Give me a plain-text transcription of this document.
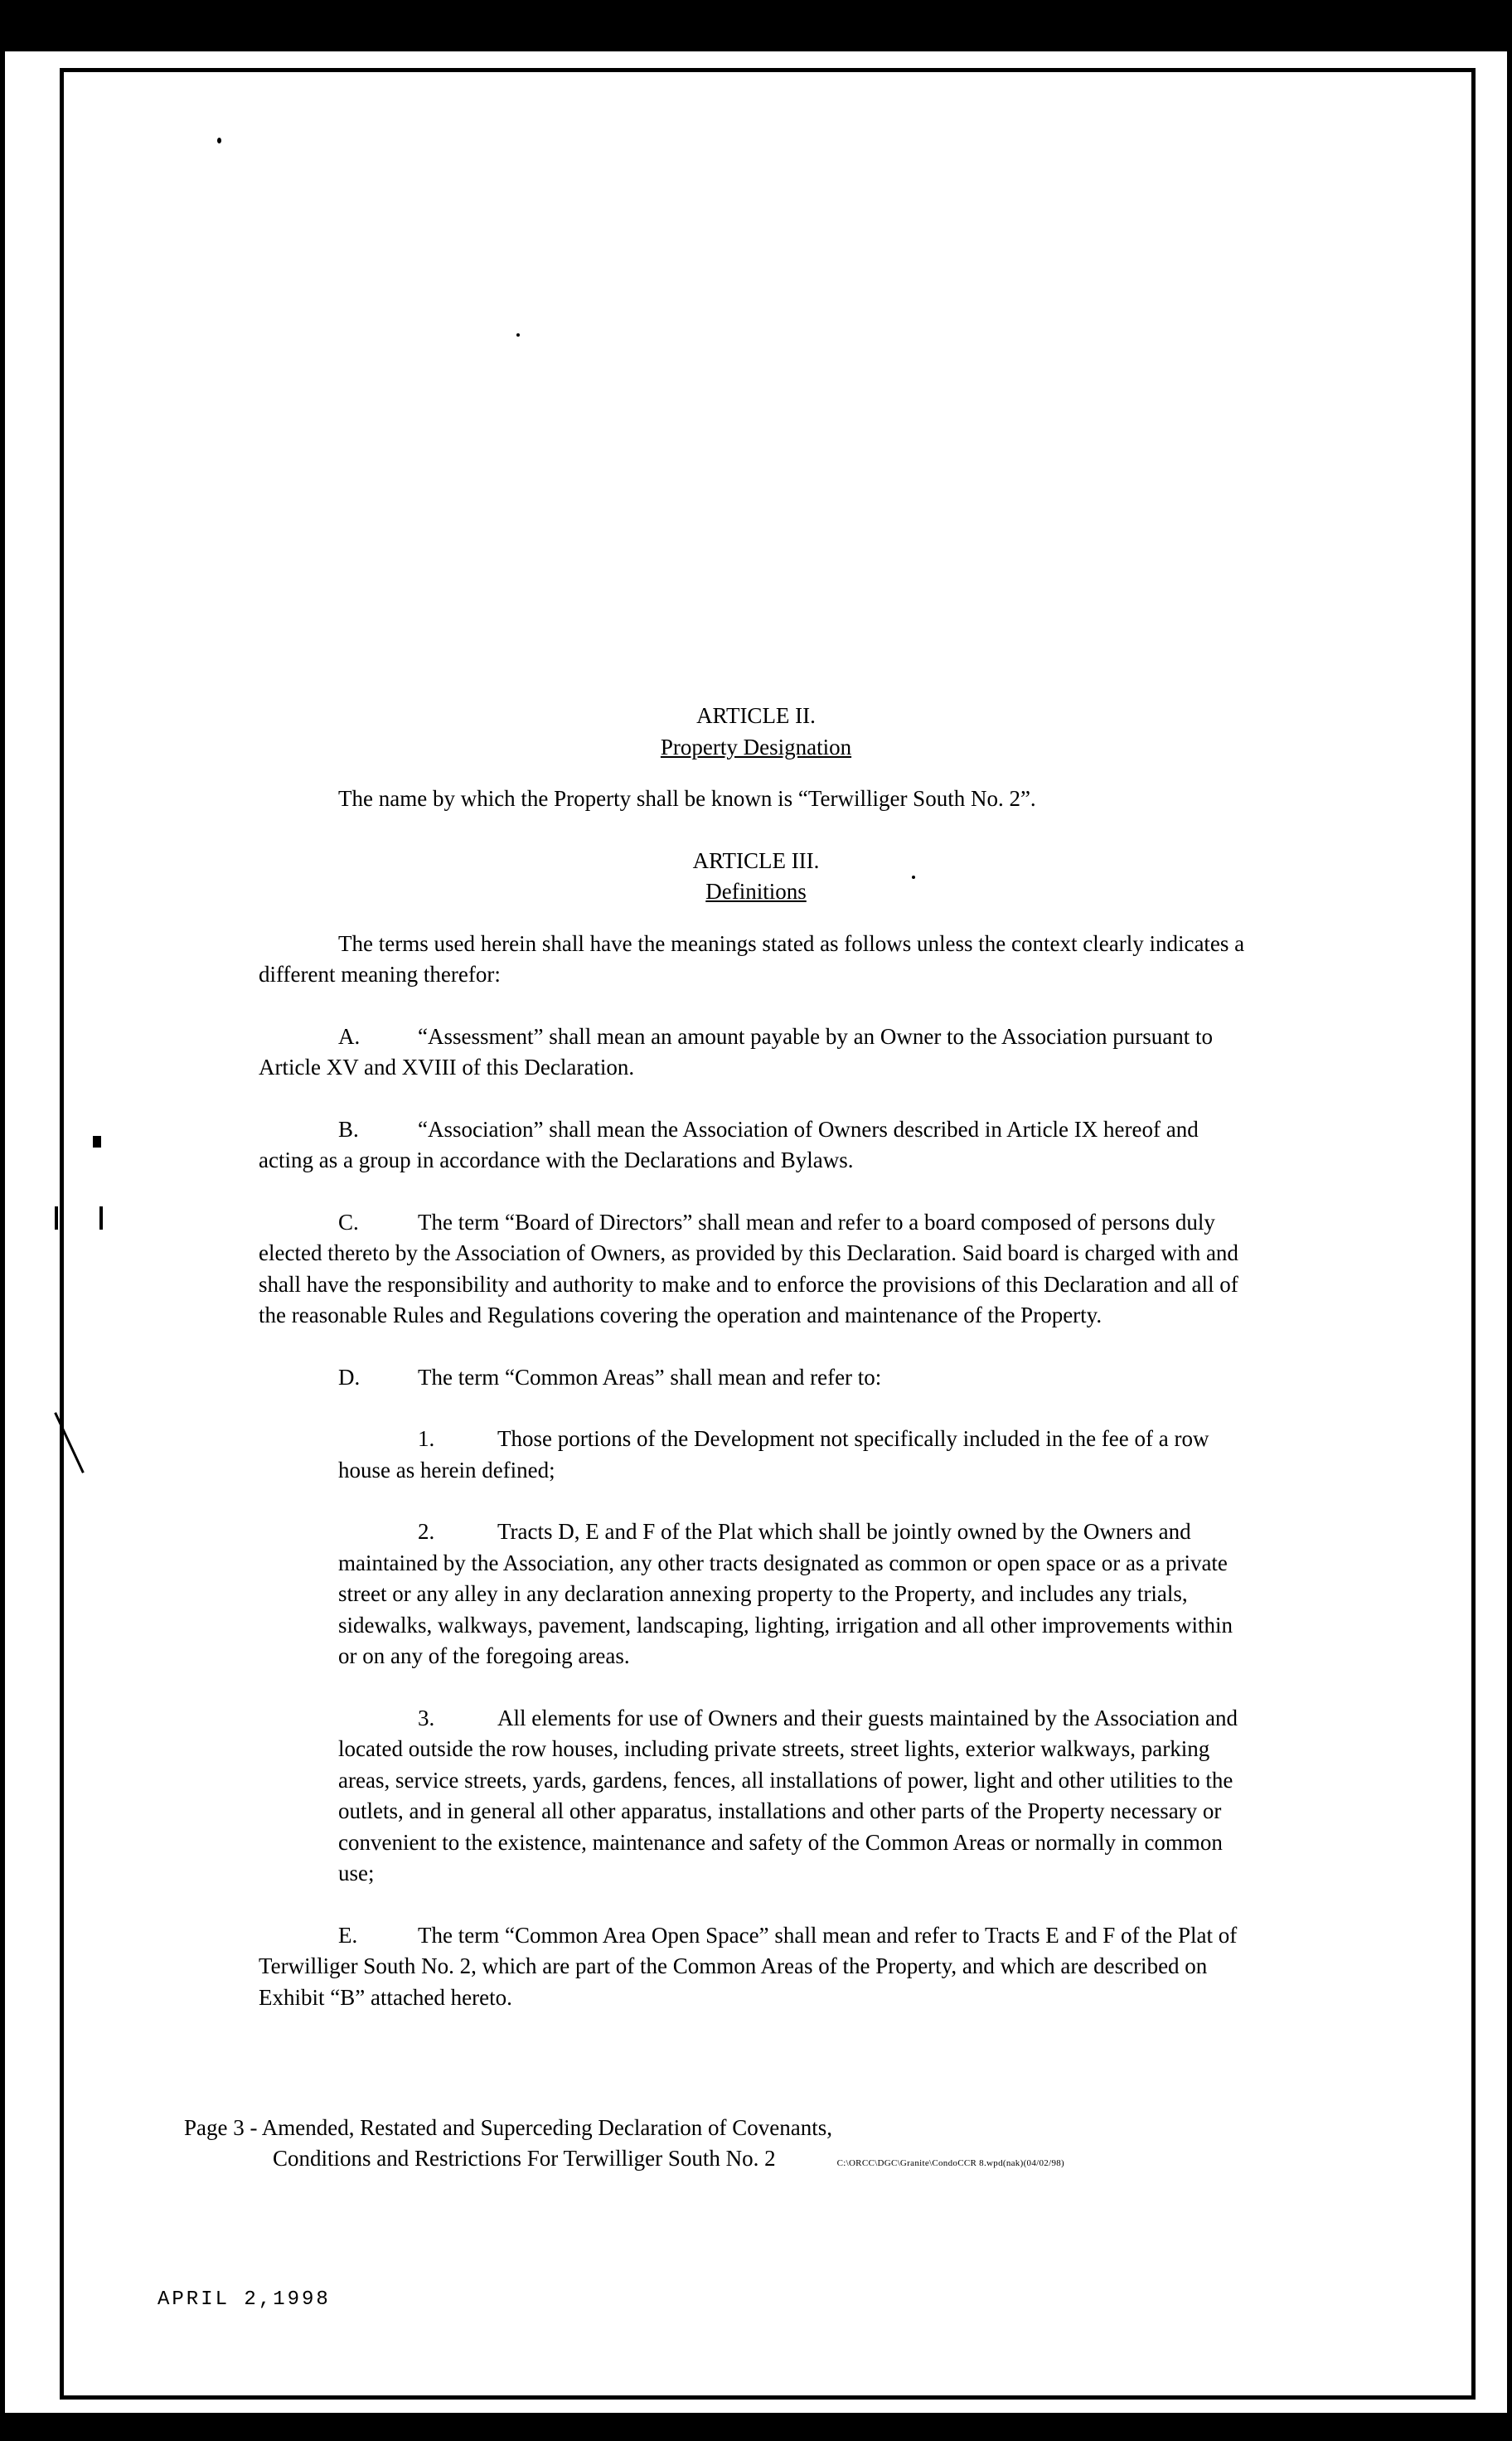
ARTICLE II.
Property Designation

The name by which the Property shall be known is “Terwilliger South No. 2”.

ARTICLE III.
Definitions

The terms used herein shall have the meanings stated as follows unless the context clearly indicates a different meaning therefor:

A.	“Assessment” shall mean an amount payable by an Owner to the Association pursuant to Article XV and XVIII of this Declaration.

B.	“Association” shall mean the Association of Owners described in Article IX hereof and acting as a group in accordance with the Declarations and Bylaws.

C.	The term “Board of Directors” shall mean and refer to a board composed of persons duly elected thereto by the Association of Owners, as provided by this Declaration. Said board is charged with and shall have the responsibility and authority to make and to enforce the provisions of this Declaration and all of the reasonable Rules and Regulations covering the operation and maintenance of the Property.

D.	The term “Common Areas” shall mean and refer to:

1.	Those portions of the Development not specifically included in the fee of a row house as herein defined;

2.	Tracts D, E and F of the Plat which shall be jointly owned by the Owners and maintained by the Association, any other tracts designated as common or open space or as a private street or any alley in any declaration annexing property to the Property, and includes any trials, sidewalks, walkways, pavement, landscaping, lighting, irrigation and all other improvements within or on any of the foregoing areas.

3.	All elements for use of Owners and their guests maintained by the Association and located outside the row houses, including private streets, street lights, exterior walkways, parking areas, service streets, yards, gardens, fences, all installations of power, light and other utilities to the outlets, and in general all other apparatus, installations and other parts of the Property necessary or convenient to the existence, maintenance and safety of the Common Areas or normally in common use;

E.	The term “Common Area Open Space” shall mean and refer to Tracts E and F of the Plat of Terwilliger South No. 2, which are part of the Common Areas of the Property, and which are described on Exhibit “B” attached hereto.

Page 3 - Amended, Restated and Superceding Declaration of Covenants,
Conditions and Restrictions For Terwilliger South No. 2	C:\ORCC\DGC\Granite\CondoCCR 8.wpd(nak)(04/02/98)
APRIL 2,1998
